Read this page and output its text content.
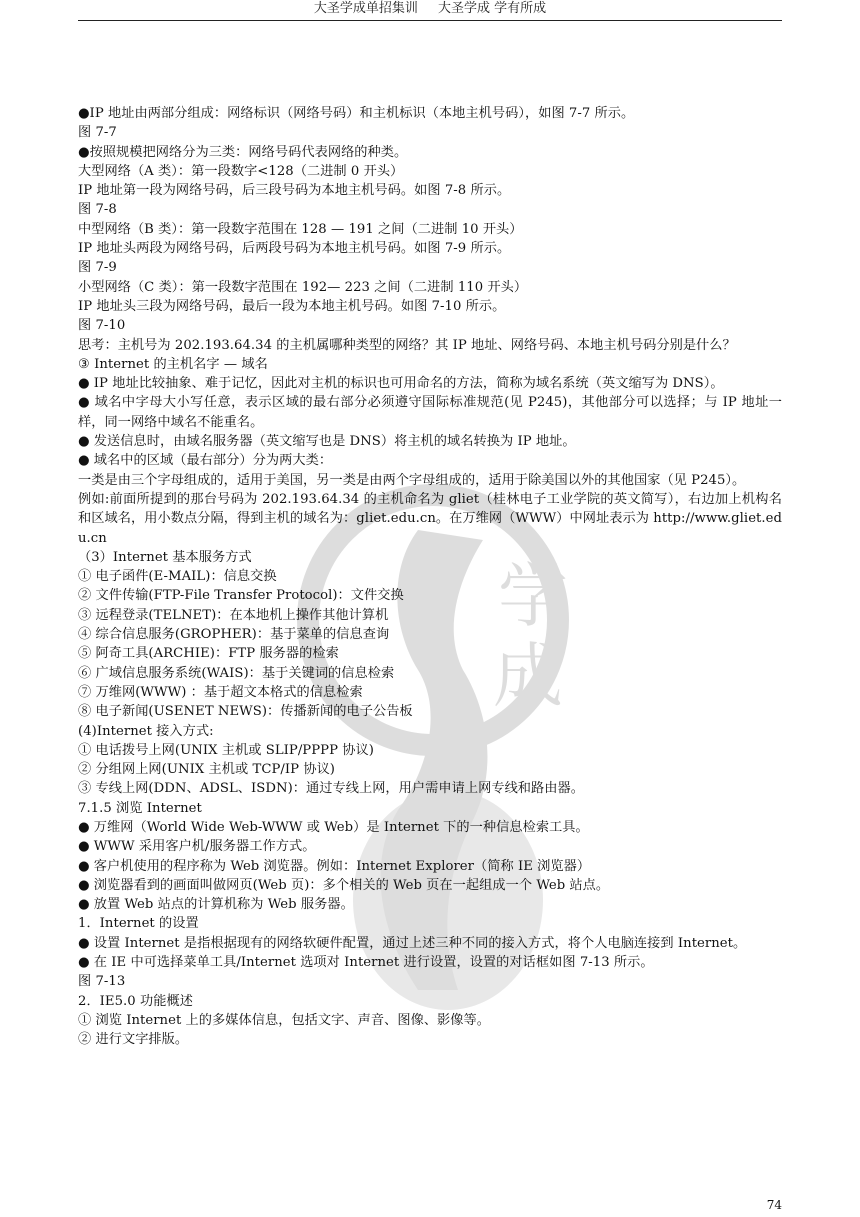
大圣学成单招集训 大圣学成 学有所成
学
成

●IP 地址由两部分组成：网络标识（网络号码）和主机标识（本地主机号码），如图 7-7 所示。

图 7-7

●按照规模把网络分为三类：网络号码代表网络的种类。

大型网络（A 类）：第一段数字<128（二进制 0 开头）

IP 地址第一段为网络号码，后三段号码为本地主机号码。如图 7-8 所示。

图 7-8

中型网络（B 类）：第一段数字范围在 128 — 191 之间（二进制 10 开头）

IP 地址头两段为网络号码，后两段号码为本地主机号码。如图 7-9 所示。

图 7-9

小型网络（C 类）：第一段数字范围在 192— 223 之间（二进制 110 开头）

IP 地址头三段为网络号码，最后一段为本地主机号码。如图 7-10 所示。

图 7-10

思考：主机号为 202.193.64.34 的主机属哪种类型的网络？其 IP 地址、网络号码、本地主机号码分别是什么？

③ Internet 的主机名字 — 域名

● IP 地址比较抽象、难于记忆，因此对主机的标识也可用命名的方法，简称为域名系统（英文缩写为 DNS）。

● 域名中字母大小写任意，表示区域的最右部分必须遵守国际标准规范(见 P245)，其他部分可以选择；与 IP 地址一样，同一网络中域名不能重名。

● 发送信息时，由域名服务器（英文缩写也是 DNS）将主机的域名转换为 IP 地址。

● 域名中的区域（最右部分）分为两大类：

一类是由三个字母组成的，适用于美国，另一类是由两个字母组成的，适用于除美国以外的其他国家（见 P245）。

例如:前面所提到的那台号码为 202.193.64.34 的主机命名为 gliet（桂林电子工业学院的英文简写），右边加上机构名和区域名，用小数点分隔，得到主机的域名为：gliet.edu.cn。在万维网（WWW）中网址表示为 http://www.gliet.edu.cn

（3）Internet 基本服务方式

① 电子函件(E-MAIL)：信息交换

② 文件传输(FTP-File Transfer Protocol)：文件交换

③ 远程登录(TELNET)：在本地机上操作其他计算机

④ 综合信息服务(GROPHER)：基于菜单的信息查询

⑤ 阿奇工具(ARCHIE)：FTP 服务器的检索

⑥ 广域信息服务系统(WAIS)：基于关键词的信息检索

⑦ 万维网(WWW) ：基于超文本格式的信息检索

⑧ 电子新闻(USENET NEWS)：传播新闻的电子公告板

(4)Internet 接入方式:

① 电话拨号上网(UNIX 主机或 SLIP/PPPP 协议)

② 分组网上网(UNIX 主机或 TCP/IP 协议)

③ 专线上网(DDN、ADSL、ISDN)：通过专线上网，用户需申请上网专线和路由器。

7.1.5 浏览 Internet

● 万维网（World Wide Web-WWW 或 Web）是 Internet 下的一种信息检索工具。

● WWW 采用客户机/服务器工作方式。

● 客户机使用的程序称为 Web 浏览器。例如：Internet Explorer（简称 IE 浏览器）

● 浏览器看到的画面叫做网页(Web 页)：多个相关的 Web 页在一起组成一个 Web 站点。

● 放置 Web 站点的计算机称为 Web 服务器。

1．Internet 的设置

● 设置 Internet 是指根据现有的网络软硬件配置，通过上述三种不同的接入方式，将个人电脑连接到 Internet。

● 在 IE 中可选择菜单工具/Internet 选项对 Internet 进行设置，设置的对话框如图 7-13 所示。

图 7-13

2．IE5.0 功能概述

① 浏览 Internet 上的多媒体信息，包括文字、声音、图像、影像等。

② 进行文字排版。

74
